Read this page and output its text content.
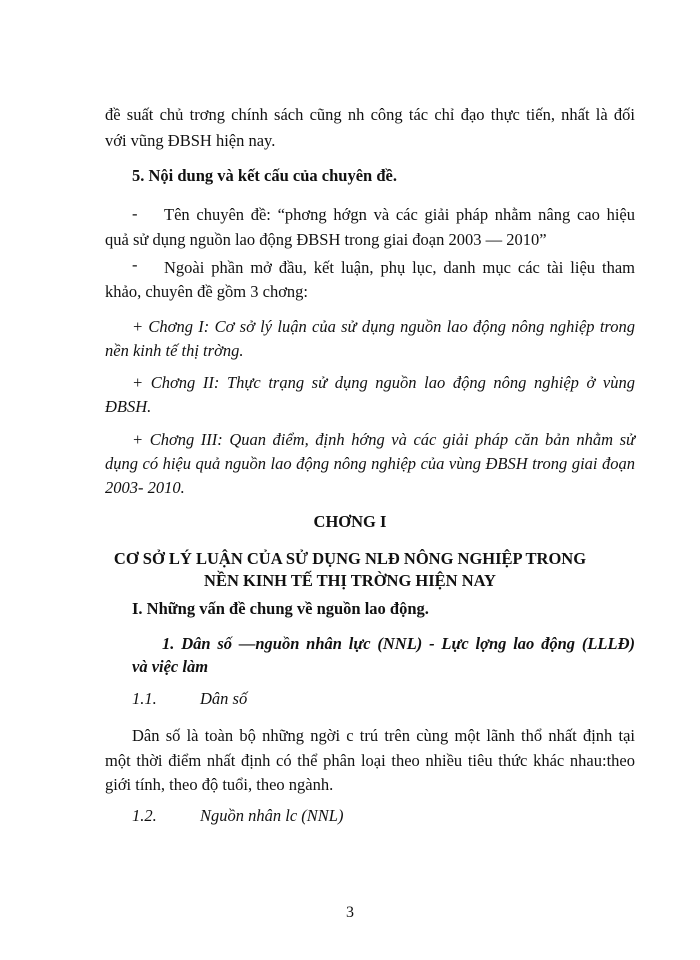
đề suất chủ trơng chính sách cũng nh công tác chỉ đạo thực tiến, nhất là đối
với vũng ĐBSH hiện nay.
5. Nội dung và kết cấu của chuyên đề.
- Tên chuyên đề: “phơng hớgn và các giải pháp nhằm nâng cao hiệu
quả sử dụng nguồn lao động ĐBSH trong giai đoạn 2003 — 2010”
- Ngoài phần mở đầu, kết luận, phụ lục, danh mục các tài liệu tham
khảo, chuyên đề gồm 3 chơng:
+ Chơng I: Cơ sở lý luận của sử dụng nguồn lao động nông nghiệp trong
nền kinh tế thị trờng.
+ Chơng II: Thực trạng sử dụng nguồn lao động nông nghiệp ở vùng
ĐBSH.
+ Chơng III: Quan điểm, định hớng và các giải pháp căn bản nhằm sử
dụng có hiệu quả nguồn lao động nông nghiệp của vùng ĐBSH trong giai đoạn
2003- 2010.
CHƠNG I
CƠ SỞ LÝ LUẬN CỦA SỬ DỤNG NLĐ NÔNG NGHIỆP TRONG
NỀN KINH TẾ THỊ TRỜNG HIỆN NAY
I. Những vấn đề chung về nguồn lao động.
1. Dân số —nguồn nhân lực (NNL) - Lực lợng lao động (LLLĐ)
và việc làm
1.1.	Dân số
Dân số là toàn bộ những ngời c trú trên cùng một lãnh thổ nhất định tại
một thời điểm nhất định có thể phân loại theo nhiều tiêu thức khác nhau:theo
giới tính, theo độ tuổi, theo ngành.
1.2.	Nguồn nhân lc (NNL)
3
